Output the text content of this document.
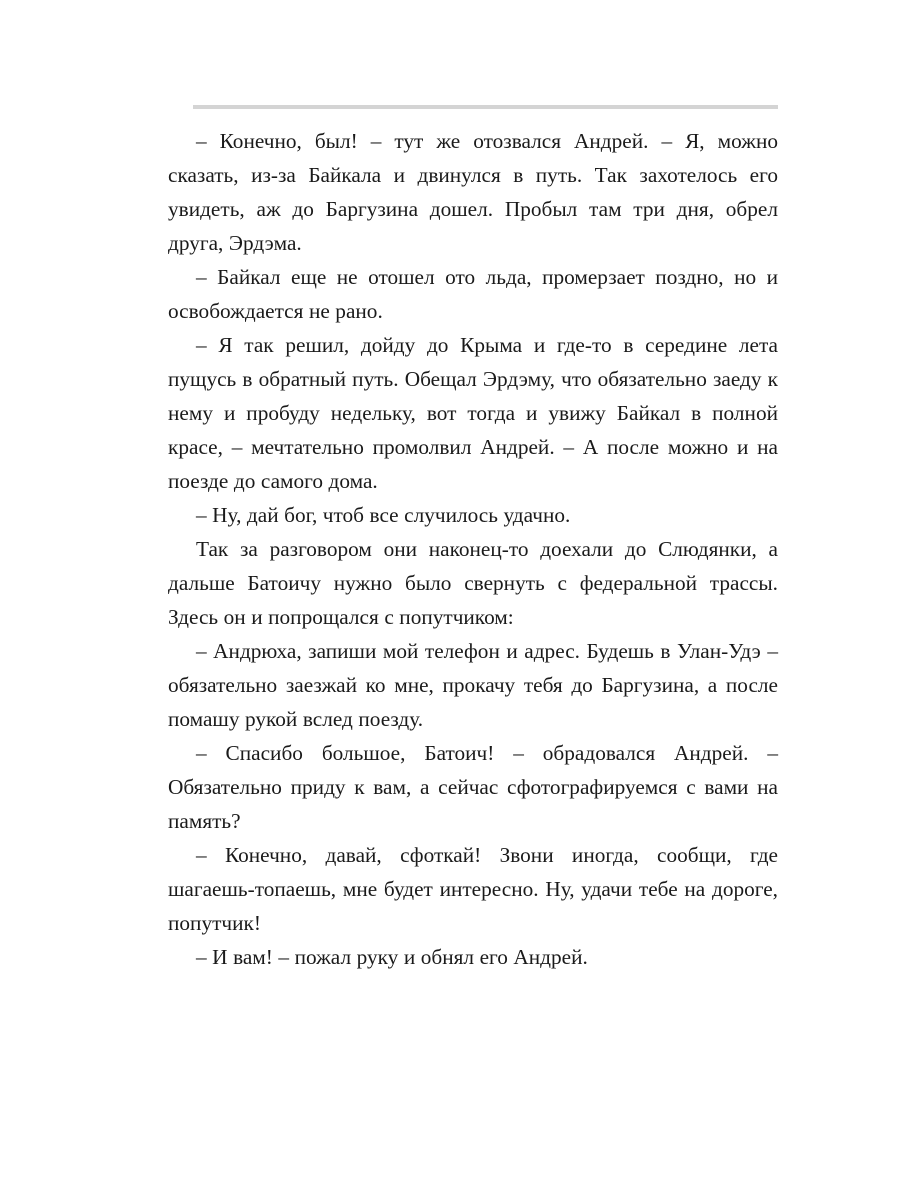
– Конечно, был! – тут же отозвался Андрей. – Я, можно сказать, из-за Байкала и двинулся в путь. Так захотелось его увидеть, аж до Баргузина дошел. Пробыл там три дня, обрел друга, Эрдэма.

– Байкал еще не отошел ото льда, промерзает поздно, но и освобождается не рано.

– Я так решил, дойду до Крыма и где-то в середине лета пущусь в обратный путь. Обещал Эрдэму, что обязательно заеду к нему и пробуду недельку, вот тогда и увижу Байкал в полной красе, – мечтательно промолвил Андрей. – А после можно и на поезде до самого дома.

– Ну, дай бог, чтоб все случилось удачно.

Так за разговором они наконец-то доехали до Слюдянки, а дальше Батоичу нужно было свернуть с федеральной трассы. Здесь он и попрощался с попутчиком:

– Андрюха, запиши мой телефон и адрес. Будешь в Улан-Удэ – обязательно заезжай ко мне, прокачу тебя до Баргузина, а после помашу рукой вслед поезду.

– Спасибо большое, Батоич! – обрадовался Андрей. – Обязательно приду к вам, а сейчас сфотографируемся с вами на память?

– Конечно, давай, сфоткай! Звони иногда, сообщи, где шагаешь-топаешь, мне будет интересно. Ну, удачи тебе на дороге, попутчик!

– И вам! – пожал руку и обнял его Андрей.
